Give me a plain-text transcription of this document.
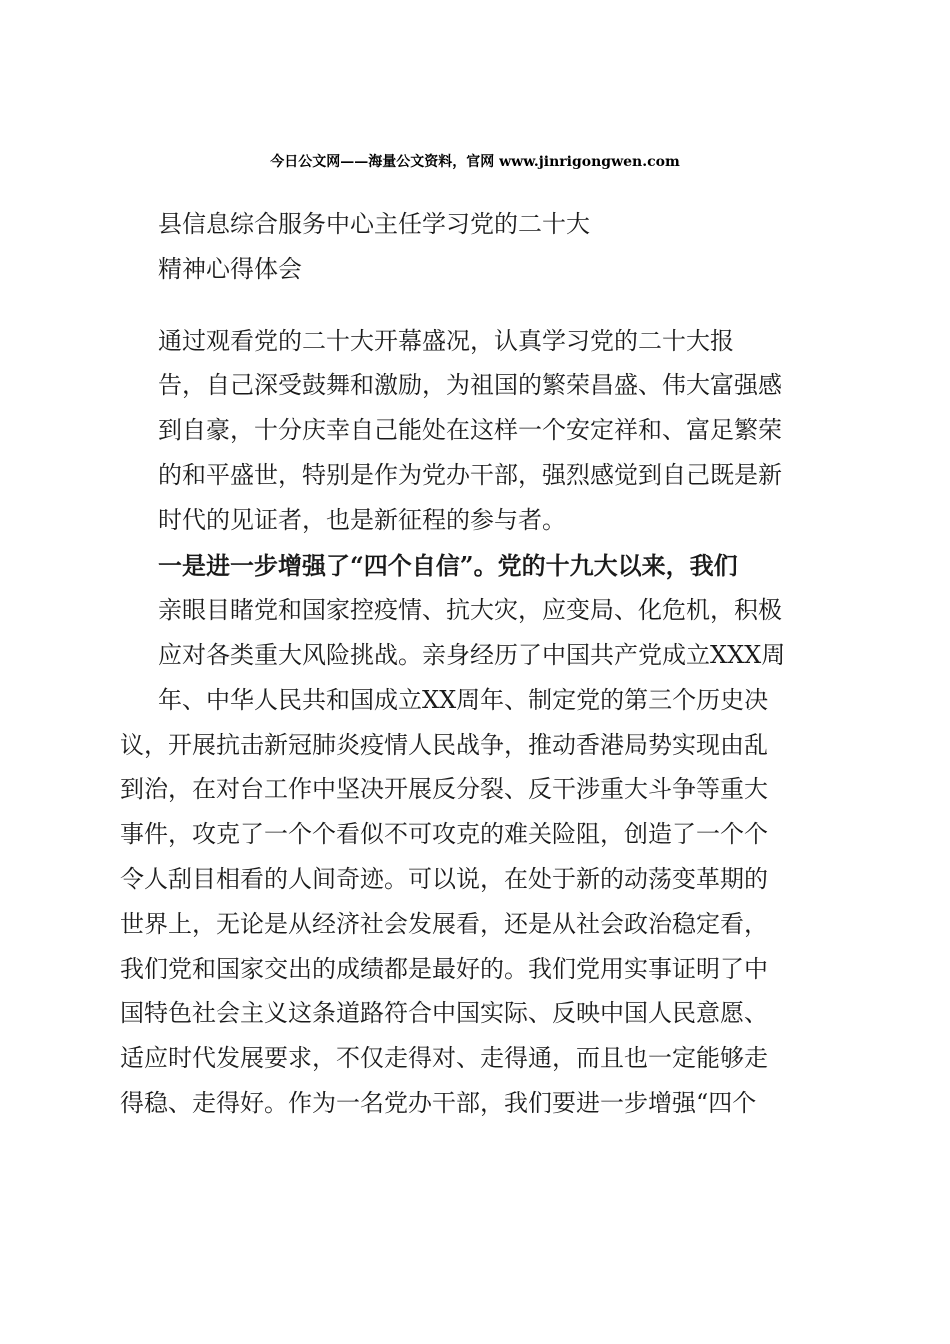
今日公文网——海量公文资料，官网 www.jinrigongwen.com
县信息综合服务中心主任学习党的二十大
精神心得体会
通过观看党的二十大开幕盛况，认真学习党的二十大报
告，自己深受鼓舞和激励，为祖国的繁荣昌盛、伟大富强感
到自豪，十分庆幸自己能处在这样一个安定祥和、富足繁荣
的和平盛世，特别是作为党办干部，强烈感觉到自己既是新
时代的见证者，也是新征程的参与者。
一是进一步增强了“四个自信”。党的十九大以来，我们
亲眼目睹党和国家控疫情、抗大灾，应变局、化危机，积极
应对各类重大风险挑战。亲身经历了中国共产党成立XXX周
年、中华人民共和国成立XX周年、制定党的第三个历史决
议，开展抗击新冠肺炎疫情人民战争，推动香港局势实现由乱
到治，在对台工作中坚决开展反分裂、反干涉重大斗争等重大
事件，攻克了一个个看似不可攻克的难关险阻，创造了一个个
令人刮目相看的人间奇迹。可以说，在处于新的动荡变革期的
世界上，无论是从经济社会发展看，还是从社会政治稳定看，
我们党和国家交出的成绩都是最好的。我们党用实事证明了中
国特色社会主义这条道路符合中国实际、反映中国人民意愿、
适应时代发展要求，不仅走得对、走得通，而且也一定能够走
得稳、走得好。作为一名党办干部，我们要进一步增强“四个
